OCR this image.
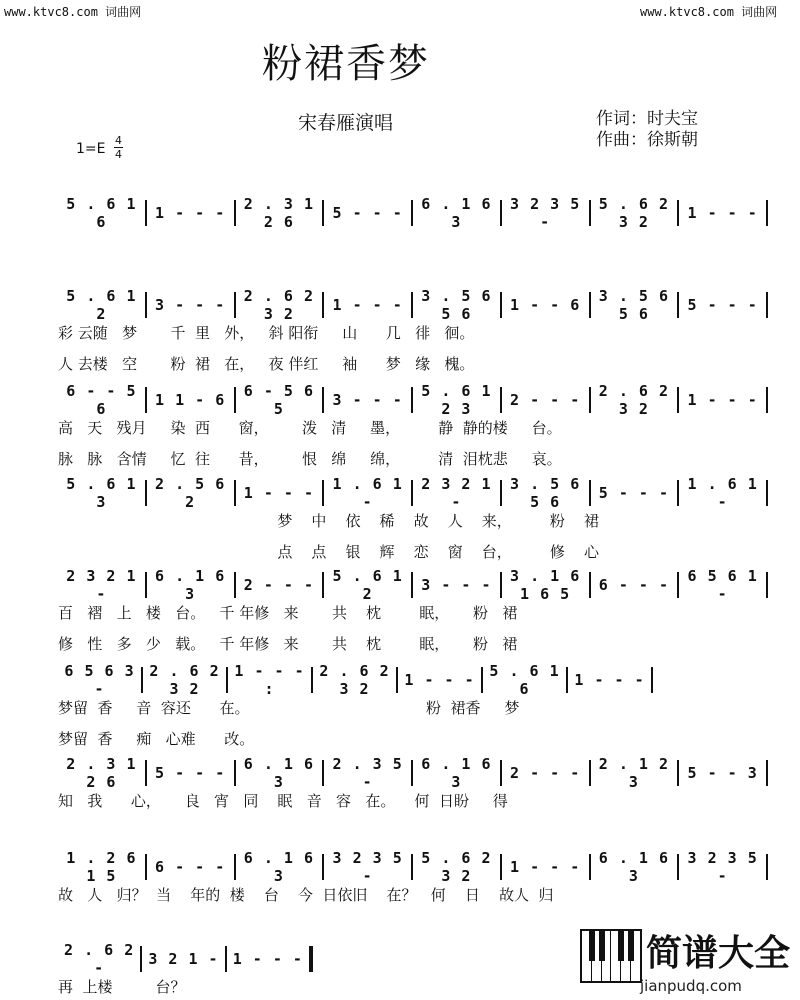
www.ktvc8.com 词曲网	www.ktvc8.com 词曲网
粉裙香梦
宋春雁演唱	作词：时夫宝
作曲：徐斯朝
1=E
4
4
5 . 6 1 6	1 - - -	2 . 3 1 2 6	5 - - -	6 . 1 6 3
3 2 3 5 -
5 . 6 2 3 2	1 - - -
5 . 6 1 2	3 - - -	2 . 6 2 3 2	1 - - -	3 . 5 6 5 6	1 - - 6	3 . 5 6 5 6	5 - - -
彩 云随   梦       千  里   外，   斜 阳衔     山      几   徘   徊。
人 去楼   空       粉  裙   在，   夜 伴红     袖      梦   缘   槐。
6 - - 5 6	1 1 - 6	6 - 5 6 5	3 - - -	5 . 6 1 2 3	2 - - -	2 . 6 2 3 2	1 - - -
高   天   残月     染  西      窗，       泼   清     墨，        静  静的楼     台。
脉   脉   含情     忆  往      昔，       恨   绵     绵，        清  泪枕悲     哀。
5 . 6 1 3
2 . 5 6 2	1 - - -	1 . 6 1 -
2 3 2 1 -
3 . 5 6 5 6	5 - - -	1 . 6 1 -
梦    中    依    稀    故    人    来，        粉    裙
点    点    银    辉    恋    窗    台，        修    心
2 3 2 1 -
6 . 1 6 3	2 - - -	5 . 6 1 2	3 - - -	3 . 1 6 1 6 5	6 - - -	6 5 6 1 -
百   褶   上   楼   台。   千 年修   来       共    枕        眠，     粉   裙
修   性   多   少   载。   千 年修   来       共    枕        眠，     粉   裙
6 5 6 3 -
2 . 6 2 3 2
1 - - - :
2 . 6 2 3 2	1 - - - 5 . 6 1 6	1 - - -
梦留  香     音  容还      在。                                     粉  裙香     梦
梦留  香     痴   心难      改。
2 . 3 1 2 6	5 - - -	6 . 1 6 3
2 . 3 5 -
6 . 1 6 3	2 - - -	2 . 1 2 3	5 - - 3
知   我      心，     良   宵   同    眠   音   容   在。    何  日盼     得
1 . 2 6 1 5	6 - - -	6 . 1 6 3
3 2 3 5 -
5 . 6 2 3 2	1 - - -	6 . 1 6 3
3 2 3 5 -
故   人   归？  当    年的  楼    台    今  日依旧    在？   何    日    故人  归
2 . 6 2 -	3 2 1 - 1 - - -
再  上楼         台？
简谱大全
jianpudq.com
